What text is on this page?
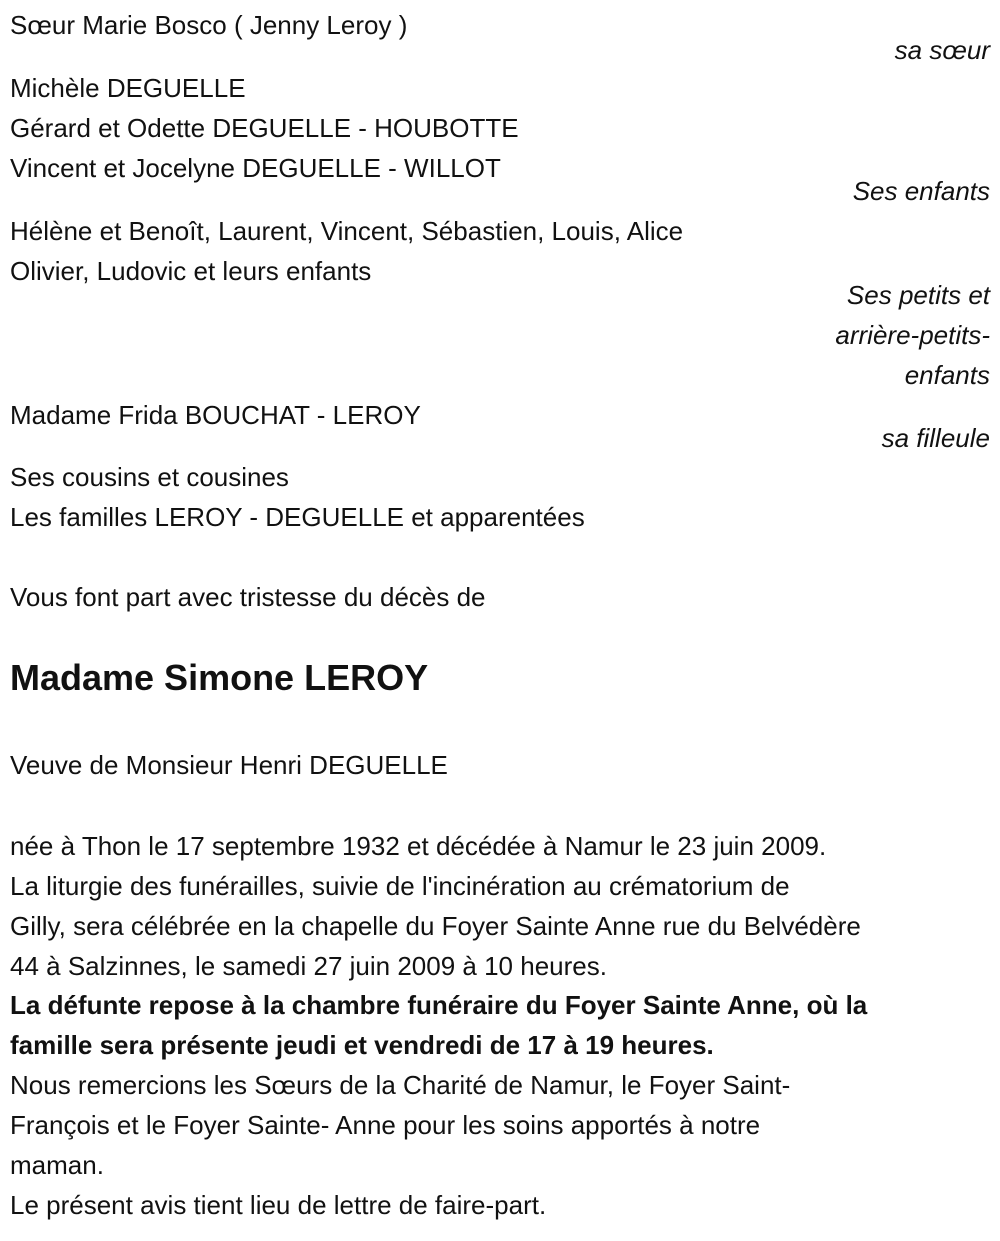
Sœur Marie Bosco ( Jenny Leroy )
sa sœur
Michèle DEGUELLE
Gérard et Odette DEGUELLE - HOUBOTTE
Vincent et Jocelyne DEGUELLE - WILLOT
Ses enfants
Hélène et Benoît, Laurent, Vincent, Sébastien, Louis, Alice
Olivier, Ludovic et leurs enfants
Ses petits et
arrière-petits-
enfants
Madame Frida BOUCHAT - LEROY
sa filleule
Ses cousins et cousines
Les familles LEROY - DEGUELLE et apparentées
Vous font part avec tristesse du décès de
Madame Simone LEROY
Veuve de Monsieur Henri DEGUELLE
née à Thon le 17 septembre 1932 et décédée à Namur le 23 juin 2009.
La liturgie des funérailles, suivie de l'incinération au crématorium de
Gilly, sera célébrée en la chapelle du Foyer Sainte Anne rue du Belvédère
44 à Salzinnes, le samedi 27 juin 2009 à 10 heures.
La défunte repose à la chambre funéraire du Foyer Sainte Anne, où la
famille sera présente jeudi et vendredi de 17 à 19 heures.
Nous remercions les Sœurs de la Charité de Namur, le Foyer Saint-
François et le Foyer Sainte- Anne pour les soins apportés à notre
maman.
Le présent avis tient lieu de lettre de faire-part.
